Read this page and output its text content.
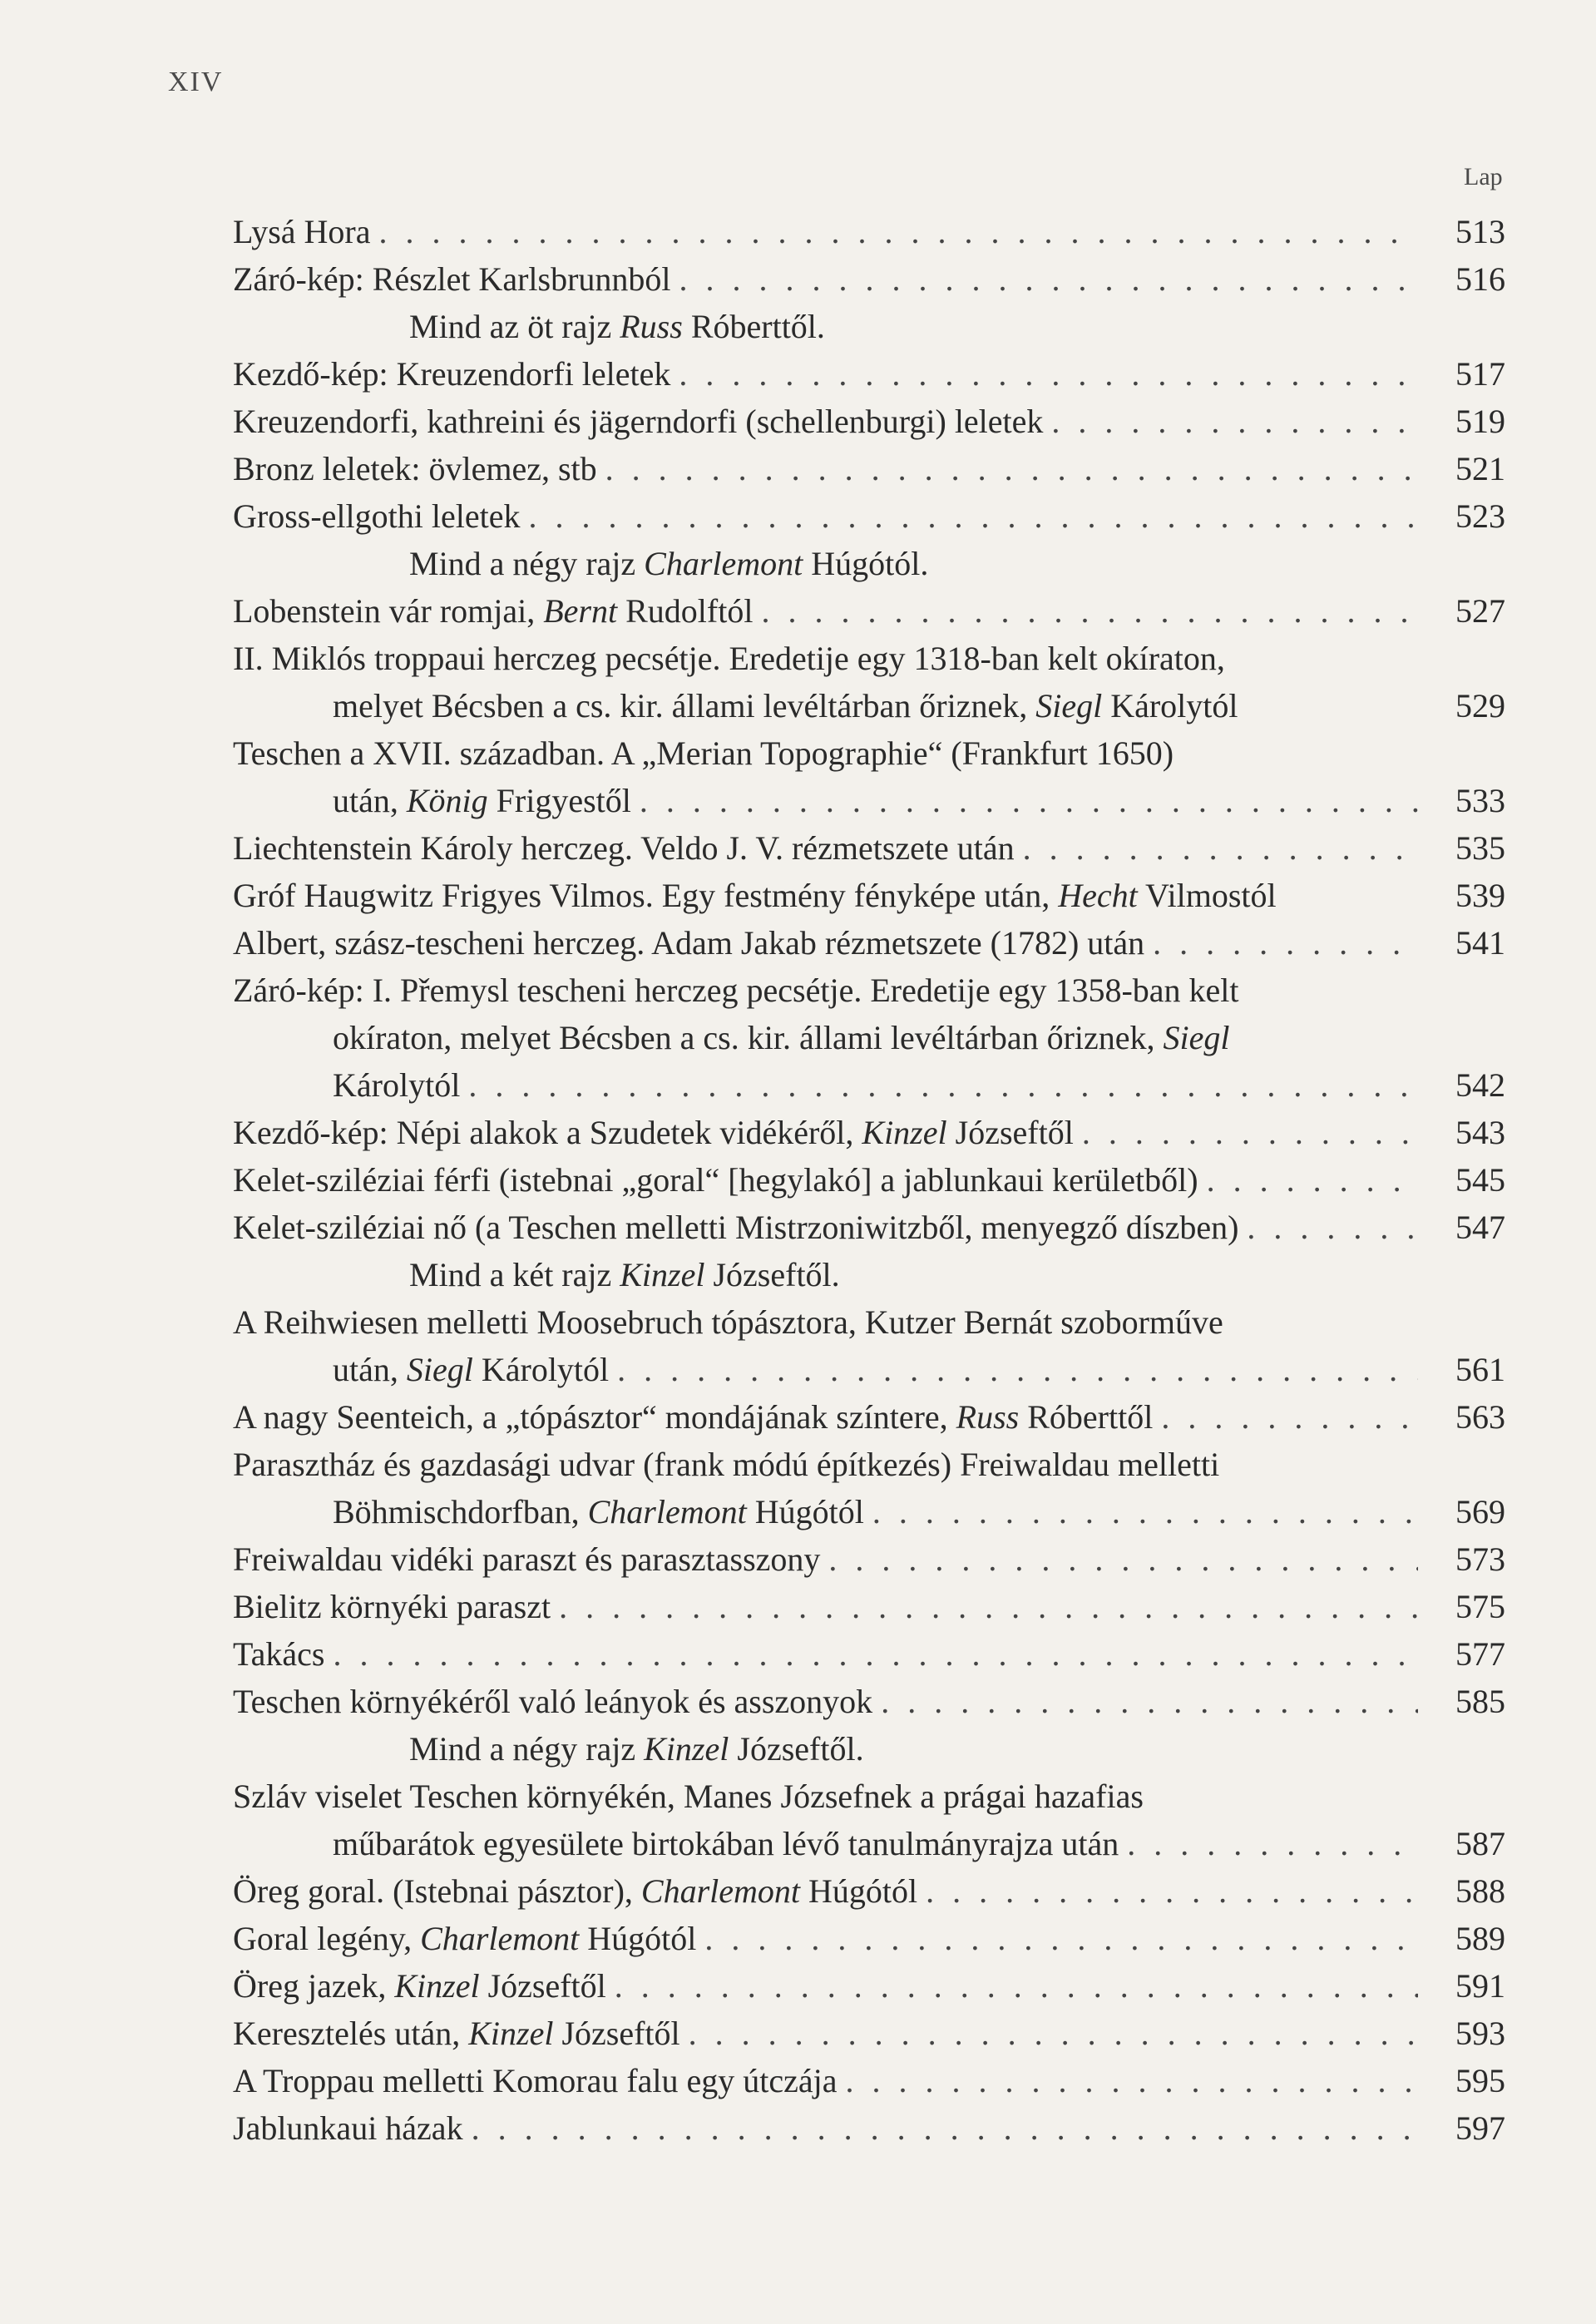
XIV
Lap
Lysá Hora . . .	513
Záró-kép: Részlet Karlsbrunnból . . .	516
Mind az öt rajz Russ Róberttől.
Kezdő-kép: Kreuzendorfi leletek . . .	517
Kreuzendorfi, kathreini és jägerndorfi (schellenburgi) leletek . . .	519
Bronz leletek: övlemez, stb . . .	521
Gross-ellgothi leletek . . .	523
Mind a négy rajz Charlemont Húgótól.
Lobenstein vár romjai, Bernt Rudolftól . . .	527
II. Miklós troppaui herczeg pecsétje. Eredetije egy 1318-ban kelt okíraton,
melyet Bécsben a cs. kir. állami levéltárban őriznek, Siegl Károlytól	529
Teschen a XVII. században. A „Merian Topographie“ (Frankfurt 1650)
után, König Frigyestől . . .	533
Liechtenstein Károly herczeg. Veldo J. V. rézmetszete után . . .	535
Gróf Haugwitz Frigyes Vilmos. Egy festmény fényképe után, Hecht Vilmostól	539
Albert, szász-tescheni herczeg. Adam Jakab rézmetszete (1782) után . . .	541
Záró-kép: I. Přemysl tescheni herczeg pecsétje. Eredetije egy 1358-ban kelt
okíraton, melyet Bécsben a cs. kir. állami levéltárban őriznek, Siegl
Károlytól . . .	542
Kezdő-kép: Népi alakok a Szudetek vidékéről, Kinzel Józseftől . . .	543
Kelet-sziléziai férfi (istebnai „goral“ [hegylakó] a jablunkaui kerületből) . . .	545
Kelet-sziléziai nő (a Teschen melletti Mistrzoniwitzből, menyegző díszben) . . .	547
Mind a két rajz Kinzel Józseftől.
A Reihwiesen melletti Moosebruch tópásztora, Kutzer Bernát szoborműve
után, Siegl Károlytól . . .	561
A nagy Seenteich, a „tópásztor“ mondájának színtere, Russ Róberttől . . .	563
Parasztház és gazdasági udvar (frank módú építkezés) Freiwaldau melletti
Böhmischdorfban, Charlemont Húgótól . . .	569
Freiwaldau vidéki paraszt és parasztasszony . . .	573
Bielitz környéki paraszt . . .	575
Takács . . .	577
Teschen környékéről való leányok és asszonyok . . .	585
Mind a négy rajz Kinzel Józseftől.
Szláv viselet Teschen környékén, Manes Józsefnek a prágai hazafias
műbarátok egyesülete birtokában lévő tanulmányrajza után . . .	587
Öreg goral. (Istebnai pásztor), Charlemont Húgótól . . .	588
Goral legény, Charlemont Húgótól . . .	589
Öreg jazek, Kinzel Józseftől . . .	591
Keresztelés után, Kinzel Józseftől . . .	593
A Troppau melletti Komorau falu egy útczája . . .	595
Jablunkaui házak . . .	597
